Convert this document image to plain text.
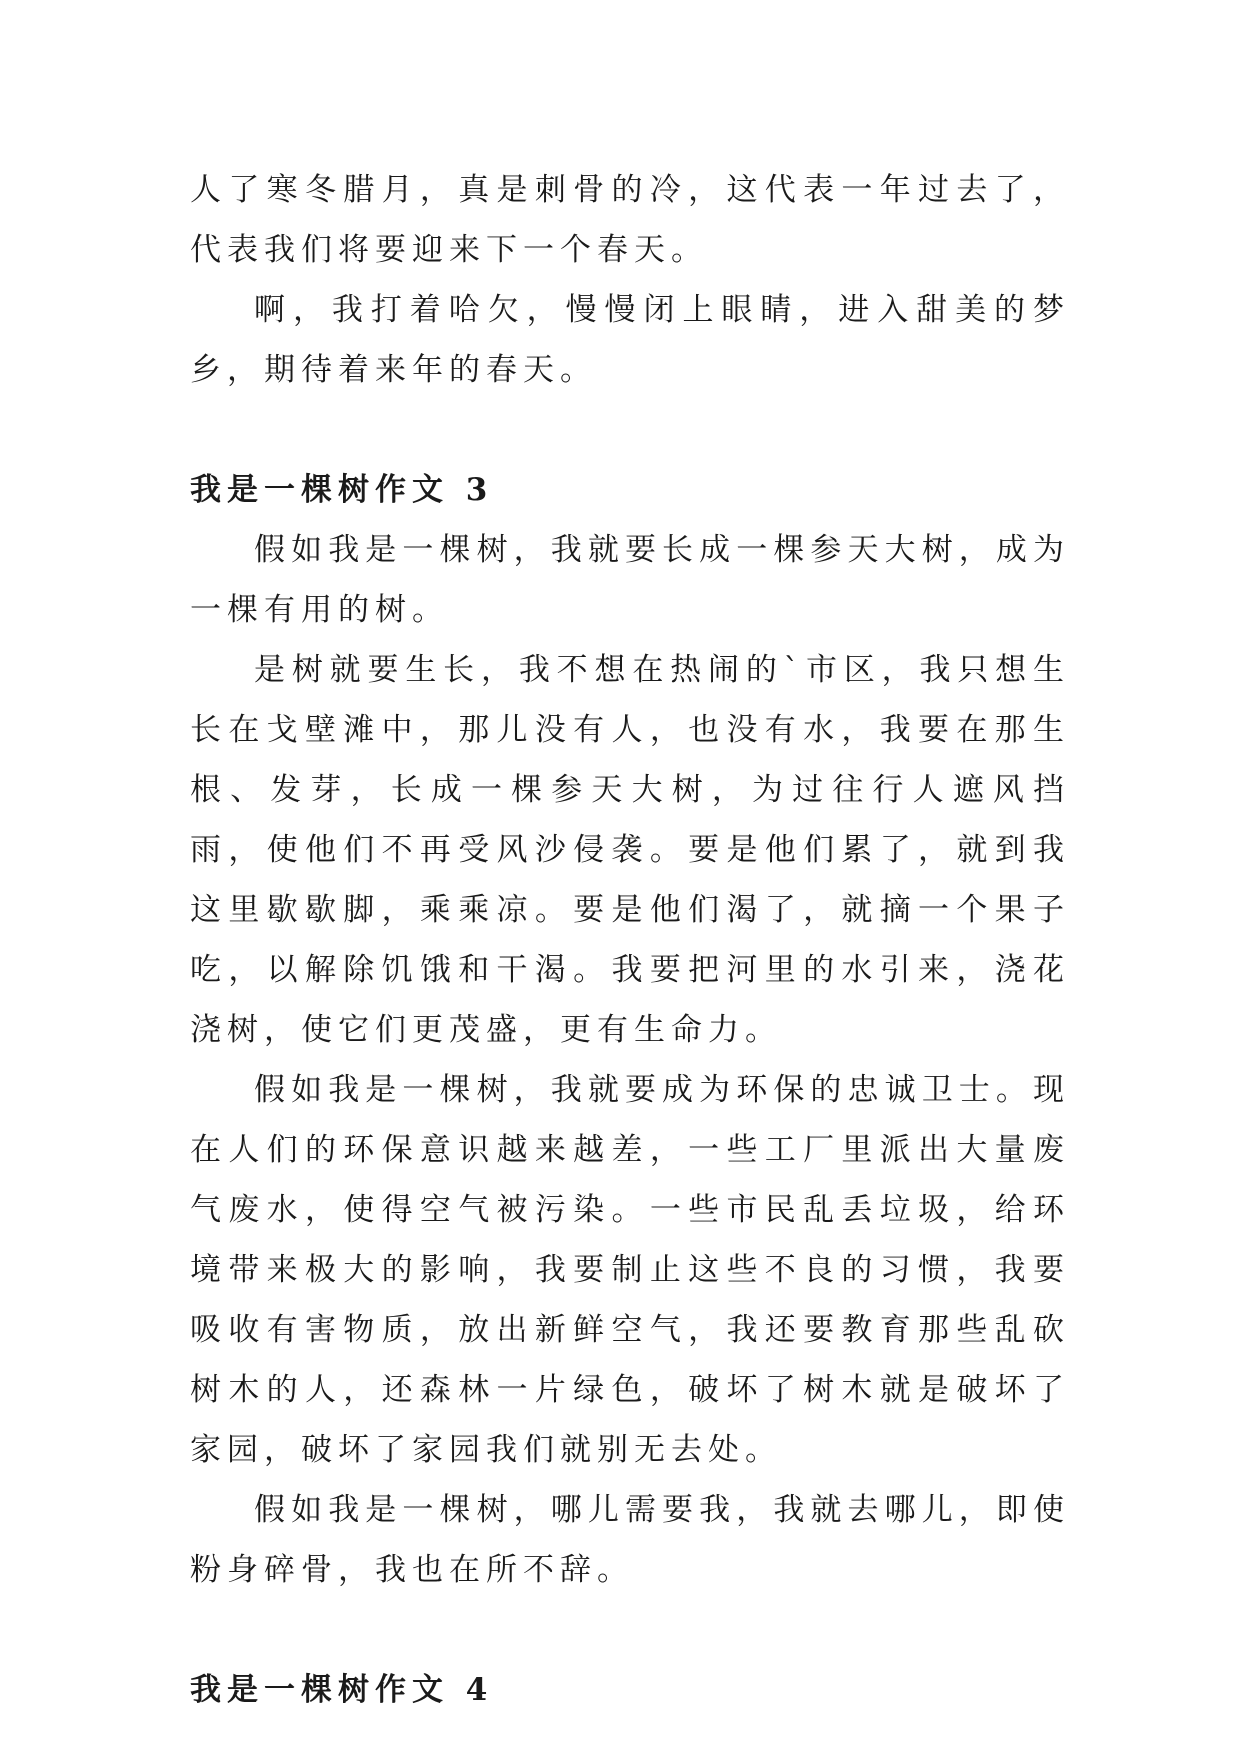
人了寒冬腊月，真是刺骨的冷，这代表一年过去了，代表我们将要迎来下一个春天。

啊，我打着哈欠，慢慢闭上眼睛，进入甜美的梦乡，期待着来年的春天。

我是一棵树作文 3

假如我是一棵树，我就要长成一棵参天大树，成为一棵有用的树。

是树就要生长，我不想在热闹的`市区，我只想生长在戈壁滩中，那儿没有人，也没有水，我要在那生根、发芽，长成一棵参天大树，为过往行人遮风挡雨，使他们不再受风沙侵袭。要是他们累了，就到我这里歇歇脚，乘乘凉。要是他们渴了，就摘一个果子吃，以解除饥饿和干渴。我要把河里的水引来，浇花浇树，使它们更茂盛，更有生命力。

假如我是一棵树，我就要成为环保的忠诚卫士。现在人们的环保意识越来越差，一些工厂里派出大量废气废水，使得空气被污染。一些市民乱丢垃圾，给环境带来极大的影响，我要制止这些不良的习惯，我要吸收有害物质，放出新鲜空气，我还要教育那些乱砍树木的人，还森林一片绿色，破坏了树木就是破坏了家园，破坏了家园我们就别无去处。

假如我是一棵树，哪儿需要我，我就去哪儿，即使粉身碎骨，我也在所不辞。

我是一棵树作文 4
